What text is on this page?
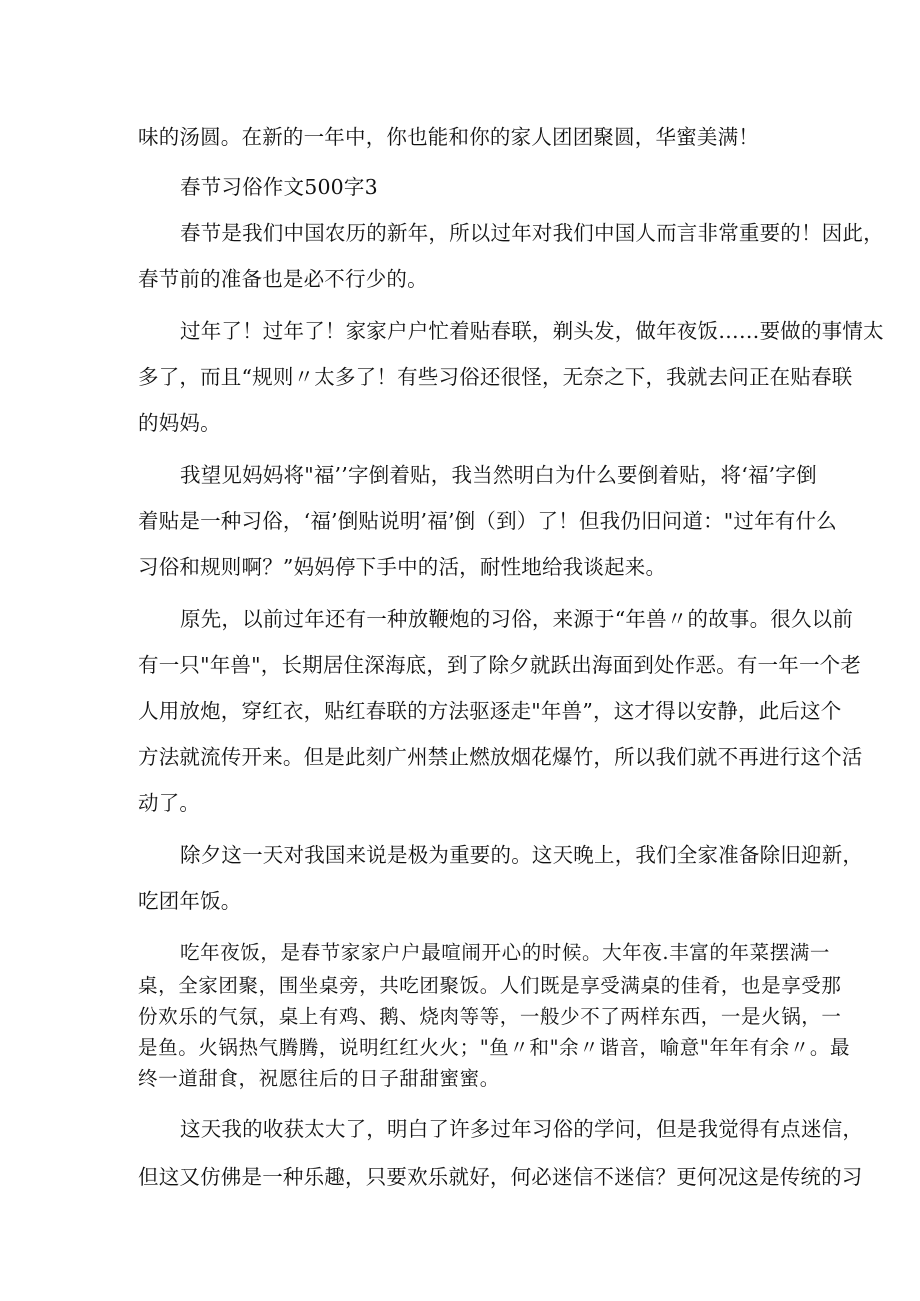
味的汤圆。在新的一年中，你也能和你的家人团团聚圆，华蜜美满！
春节习俗作文500字3
春节是我们中国农历的新年，所以过年对我们中国人而言非常重要的！因此，
春节前的准备也是必不行少的。
过年了！过年了！家家户户忙着贴春联，剃头发，做年夜饭……要做的事情太
多了，而且“规则〃太多了！有些习俗还很怪，无奈之下，我就去问正在贴春联
的妈妈。
我望见妈妈将"福’’字倒着贴，我当然明白为什么要倒着贴，将‘福’字倒
着贴是一种习俗，‘福’倒贴说明’福’倒（到）了！但我仍旧问道："过年有什么
习俗和规则啊？”妈妈停下手中的活，耐性地给我谈起来。
原先，以前过年还有一种放鞭炮的习俗，来源于“年兽〃的故事。很久以前
有一只"年兽"，长期居住深海底，到了除夕就跃出海面到处作恶。有一年一个老
人用放炮，穿红衣，贴红春联的方法驱逐走"年兽”，这才得以安静，此后这个
方法就流传开来。但是此刻广州禁止燃放烟花爆竹，所以我们就不再进行这个活
动了。
除夕这一天对我国来说是极为重要的。这天晚上，我们全家准备除旧迎新，
吃团年饭。
吃年夜饭，是春节家家户户最喧闹开心的时候。大年夜.丰富的年菜摆满一
桌，全家团聚，围坐桌旁，共吃团聚饭。人们既是享受满桌的佳肴，也是享受那
份欢乐的气氛，桌上有鸡、鹅、烧肉等等，一般少不了两样东西，一是火锅，一
是鱼。火锅热气腾腾，说明红红火火；"鱼〃和"余〃谐音，喻意"年年有余〃。最
终一道甜食，祝愿往后的日子甜甜蜜蜜。
这天我的收获太大了，明白了许多过年习俗的学问，但是我觉得有点迷信，
但这又仿佛是一种乐趣，只要欢乐就好，何必迷信不迷信？更何况这是传统的习
